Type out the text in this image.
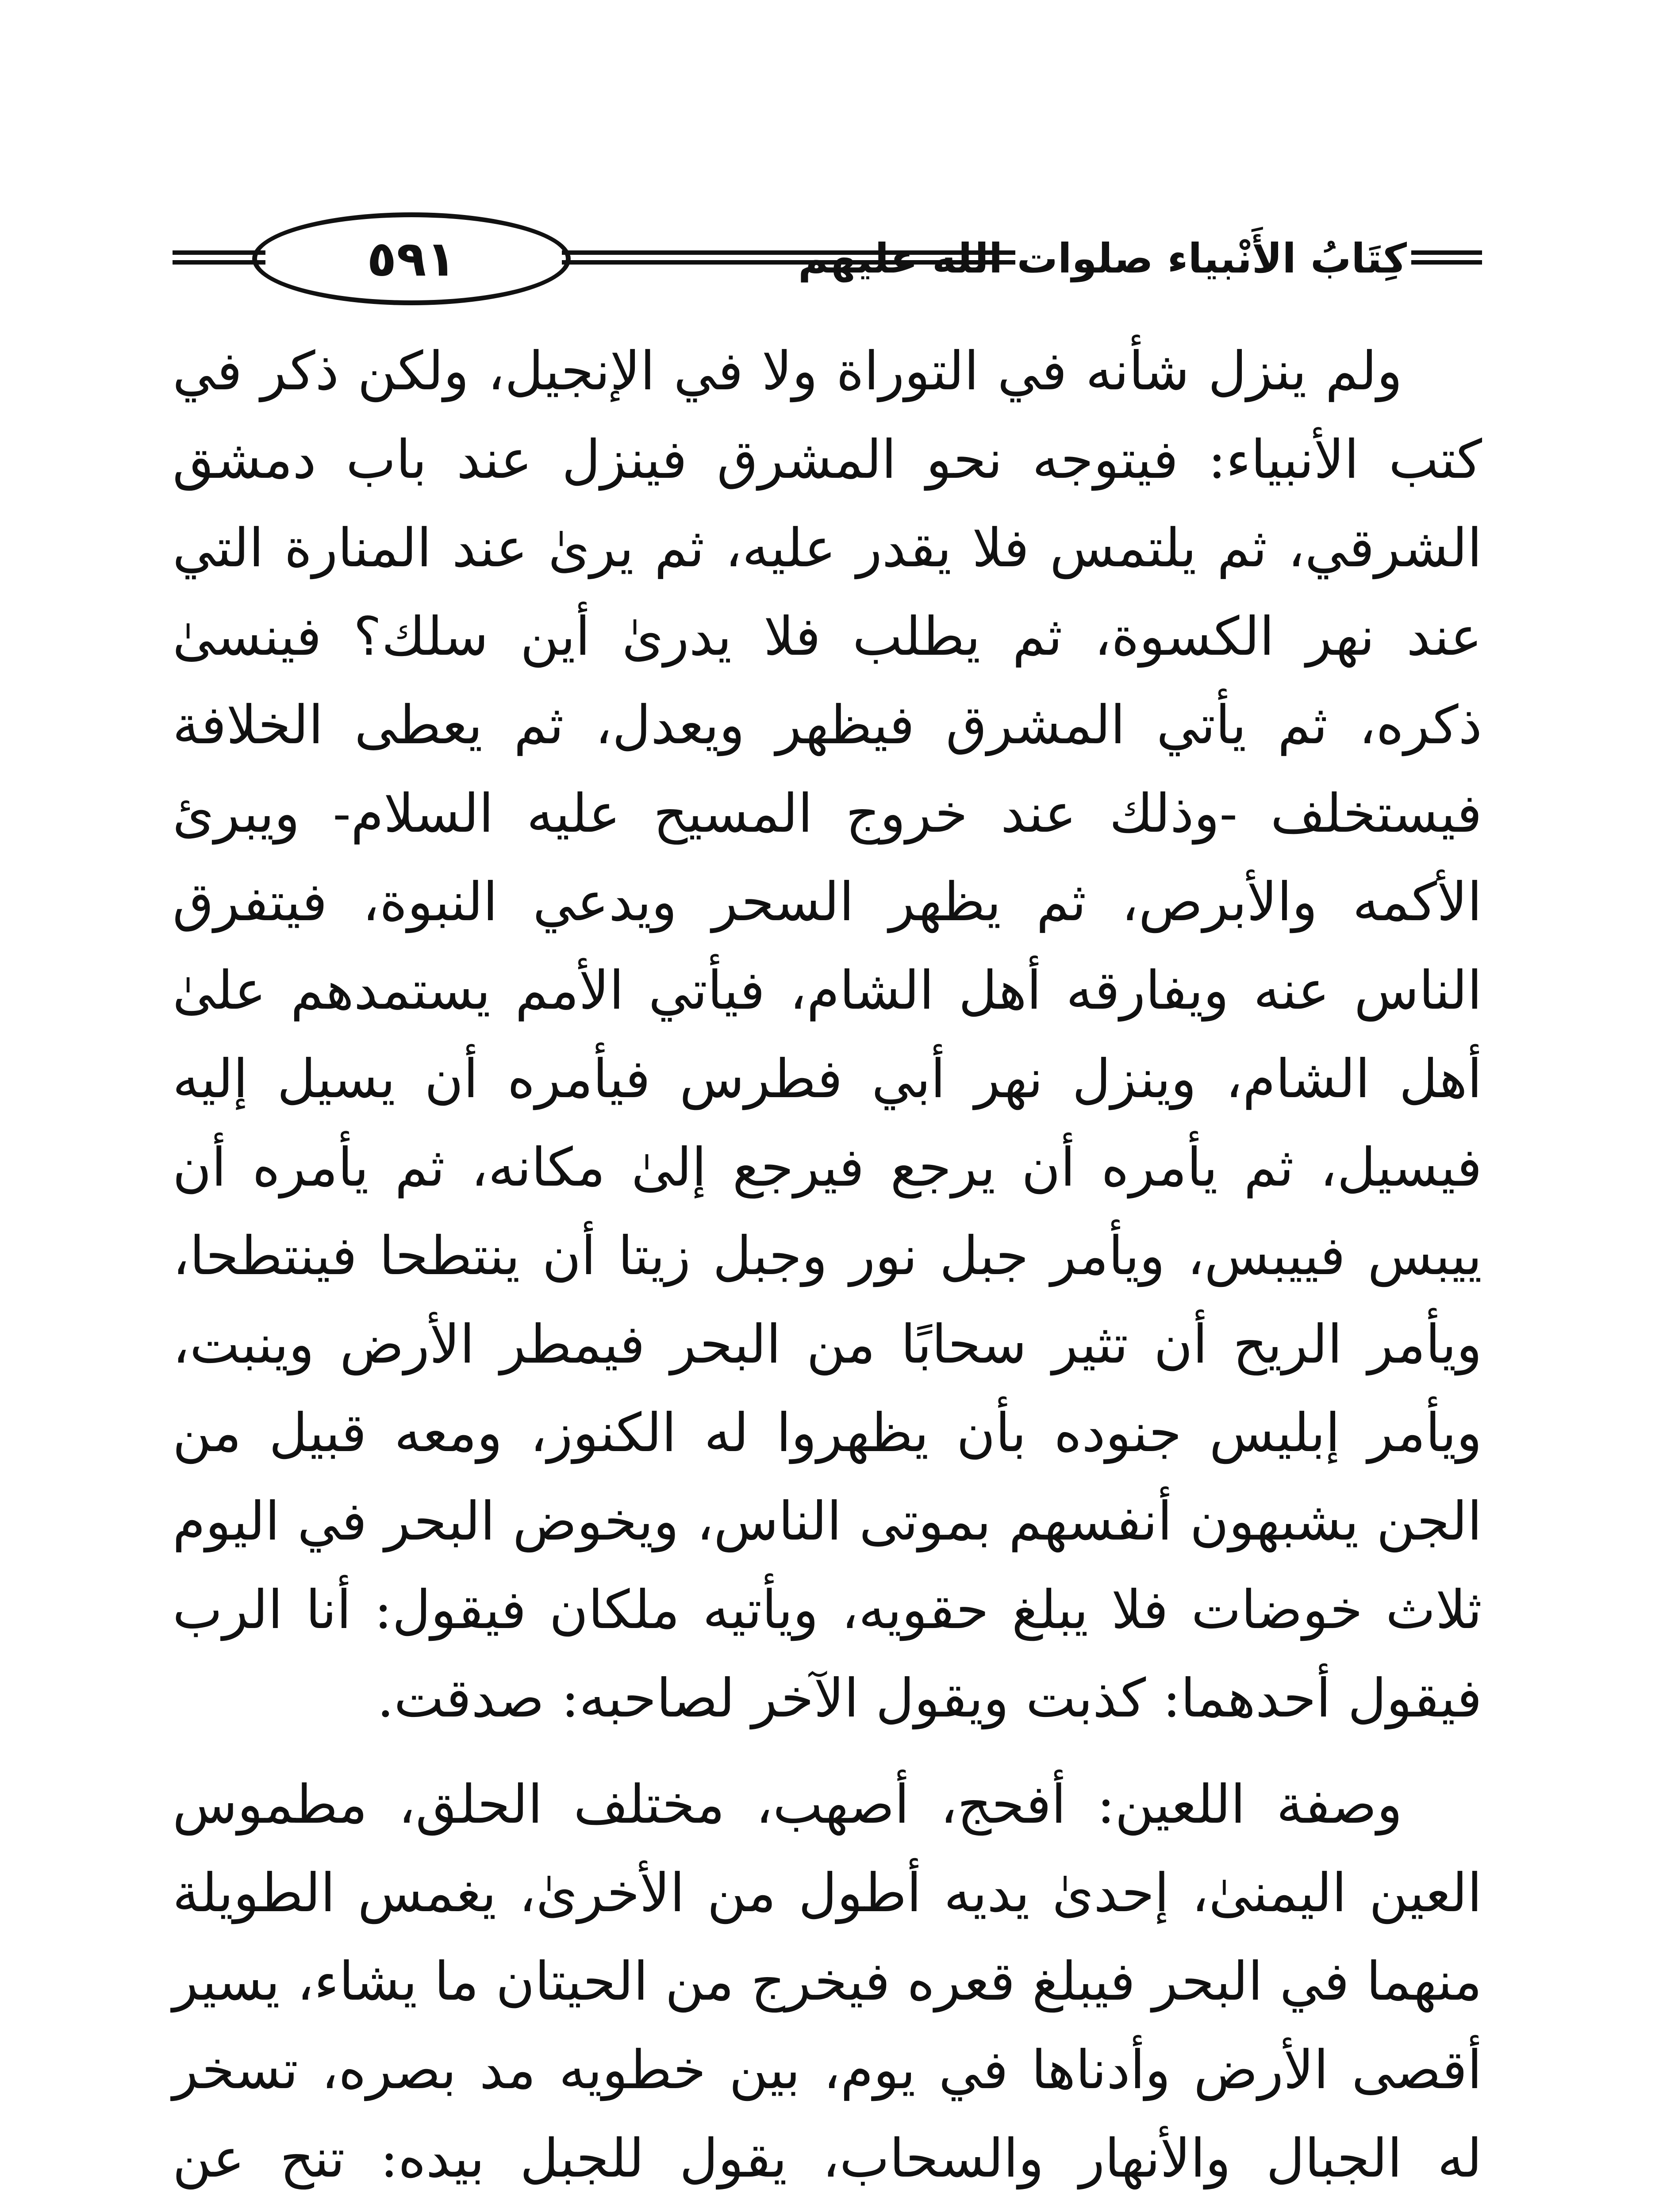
٥٩١	كِتَابُ الأَنْبياء صلوات الله عليهم

ولم ينزل شأنه في التوراة ولا في الإنجيل، ولكن ذكر في كتب الأنبياء: فيتوجه نحو المشرق فينزل عند باب دمشق الشرقي، ثم يلتمس فلا يقدر عليه، ثم يرىٰ عند المنارة التي عند نهر الكسوة، ثم يطلب فلا يدرىٰ أين سلك؟ فينسىٰ ذكره، ثم يأتي المشرق فيظهر ويعدل، ثم يعطى الخلافة فيستخلف -وذلك عند خروج المسيح عليه السلام- ويبرئ الأكمه والأبرص، ثم يظهر السحر ويدعي النبوة، فيتفرق الناس عنه ويفارقه أهل الشام، فيأتي الأمم يستمدهم علىٰ أهل الشام، وينزل نهر أبي فطرس فيأمره أن يسيل إليه فيسيل، ثم يأمره أن يرجع فيرجع إلىٰ مكانه، ثم يأمره أن ييبس فييبس، ويأمر جبل نور وجبل زيتا أن ينتطحا فينتطحا، ويأمر الريح أن تثير سحابًا من البحر فيمطر الأرض وينبت، ويأمر إبليس جنوده بأن يظهروا له الكنوز، ومعه قبيل من الجن يشبهون أنفسهم بموتى الناس، ويخوض البحر في اليوم ثلاث خوضات فلا يبلغ حقويه، ويأتيه ملكان فيقول: أنا الرب فيقول أحدهما: كذبت ويقول الآخر لصاحبه: صدقت.

وصفة اللعين: أفحج، أصهب، مختلف الحلق، مطموس العين اليمنىٰ، إحدىٰ يديه أطول من الأخرىٰ، يغمس الطويلة منهما في البحر فيبلغ قعره فيخرج من الحيتان ما يشاء، يسير أقصى الأرض وأدناها في يوم، بين خطويه مد بصره، تسخر له الجبال والأنهار والسحاب، يقول للجبل بيده: تنح عن
